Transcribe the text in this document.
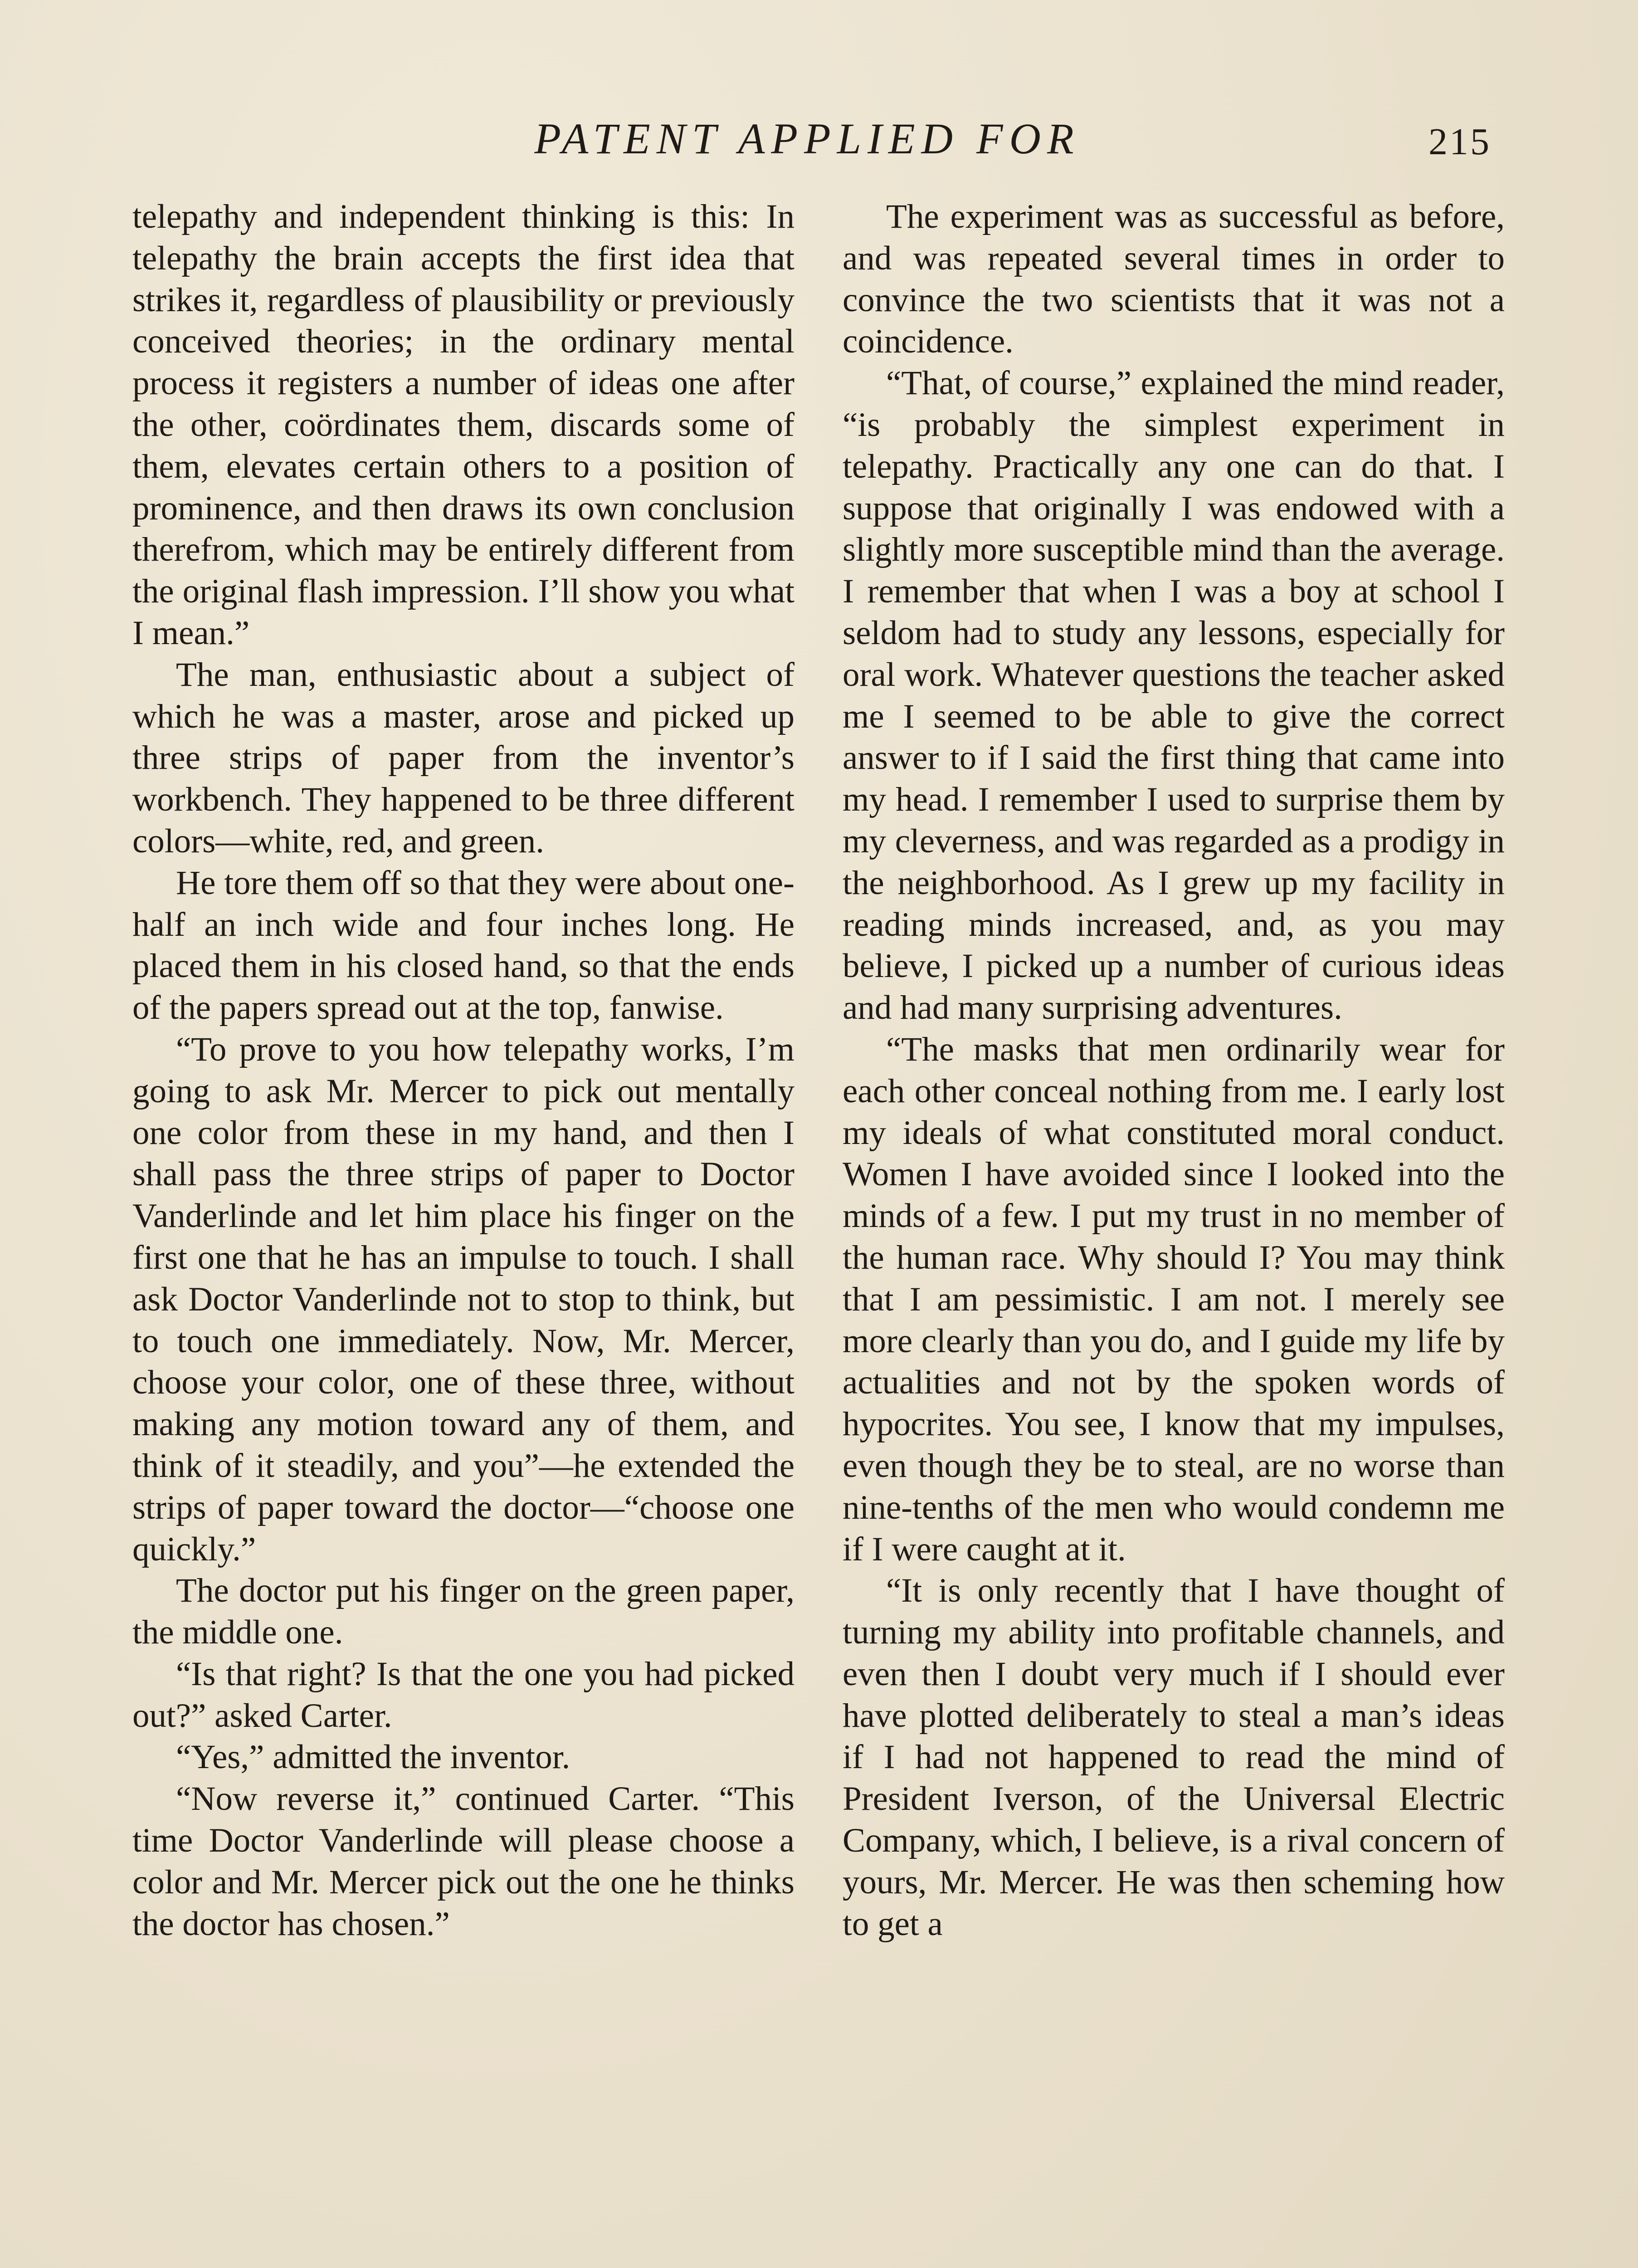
PATENT APPLIED FOR	215

telepathy and independent thinking is this: In telepathy the brain accepts the first idea that strikes it, regardless of plausibility or previously conceived theories; in the ordinary mental process it registers a number of ideas one after the other, coördinates them, discards some of them, elevates certain others to a position of prominence, and then draws its own conclusion therefrom, which may be entirely different from the original flash impression. I’ll show you what I mean.”

The man, enthusiastic about a subject of which he was a master, arose and picked up three strips of paper from the inventor’s workbench. They happened to be three different colors—white, red, and green.

He tore them off so that they were about one-half an inch wide and four inches long. He placed them in his closed hand, so that the ends of the papers spread out at the top, fanwise.

“To prove to you how telepathy works, I’m going to ask Mr. Mercer to pick out mentally one color from these in my hand, and then I shall pass the three strips of paper to Doctor Vanderlinde and let him place his finger on the first one that he has an impulse to touch. I shall ask Doctor Vanderlinde not to stop to think, but to touch one immediately. Now, Mr. Mercer, choose your color, one of these three, without making any motion toward any of them, and think of it steadily, and you”—he extended the strips of paper toward the doctor—“choose one quickly.”

The doctor put his finger on the green paper, the middle one.

“Is that right? Is that the one you had picked out?” asked Carter.

“Yes,” admitted the inventor.

“Now reverse it,” continued Carter. “This time Doctor Vanderlinde will please choose a color and Mr. Mercer pick out the one he thinks the doctor has chosen.”

The experiment was as successful as before, and was repeated several times in order to convince the two scientists that it was not a coincidence.

“That, of course,” explained the mind reader, “is probably the simplest experiment in telepathy. Practically any one can do that. I suppose that originally I was endowed with a slightly more susceptible mind than the average. I remember that when I was a boy at school I seldom had to study any lessons, especially for oral work. Whatever questions the teacher asked me I seemed to be able to give the correct answer to if I said the first thing that came into my head. I remember I used to surprise them by my cleverness, and was regarded as a prodigy in the neighborhood. As I grew up my facility in reading minds increased, and, as you may believe, I picked up a number of curious ideas and had many surprising adventures.

“The masks that men ordinarily wear for each other conceal nothing from me. I early lost my ideals of what constituted moral conduct. Women I have avoided since I looked into the minds of a few. I put my trust in no member of the human race. Why should I? You may think that I am pessimistic. I am not. I merely see more clearly than you do, and I guide my life by actualities and not by the spoken words of hypocrites. You see, I know that my impulses, even though they be to steal, are no worse than nine-tenths of the men who would condemn me if I were caught at it.

“It is only recently that I have thought of turning my ability into profitable channels, and even then I doubt very much if I should ever have plotted deliberately to steal a man’s ideas if I had not happened to read the mind of President Iverson, of the Universal Electric Company, which, I believe, is a rival concern of yours, Mr. Mercer. He was then scheming how to get a
